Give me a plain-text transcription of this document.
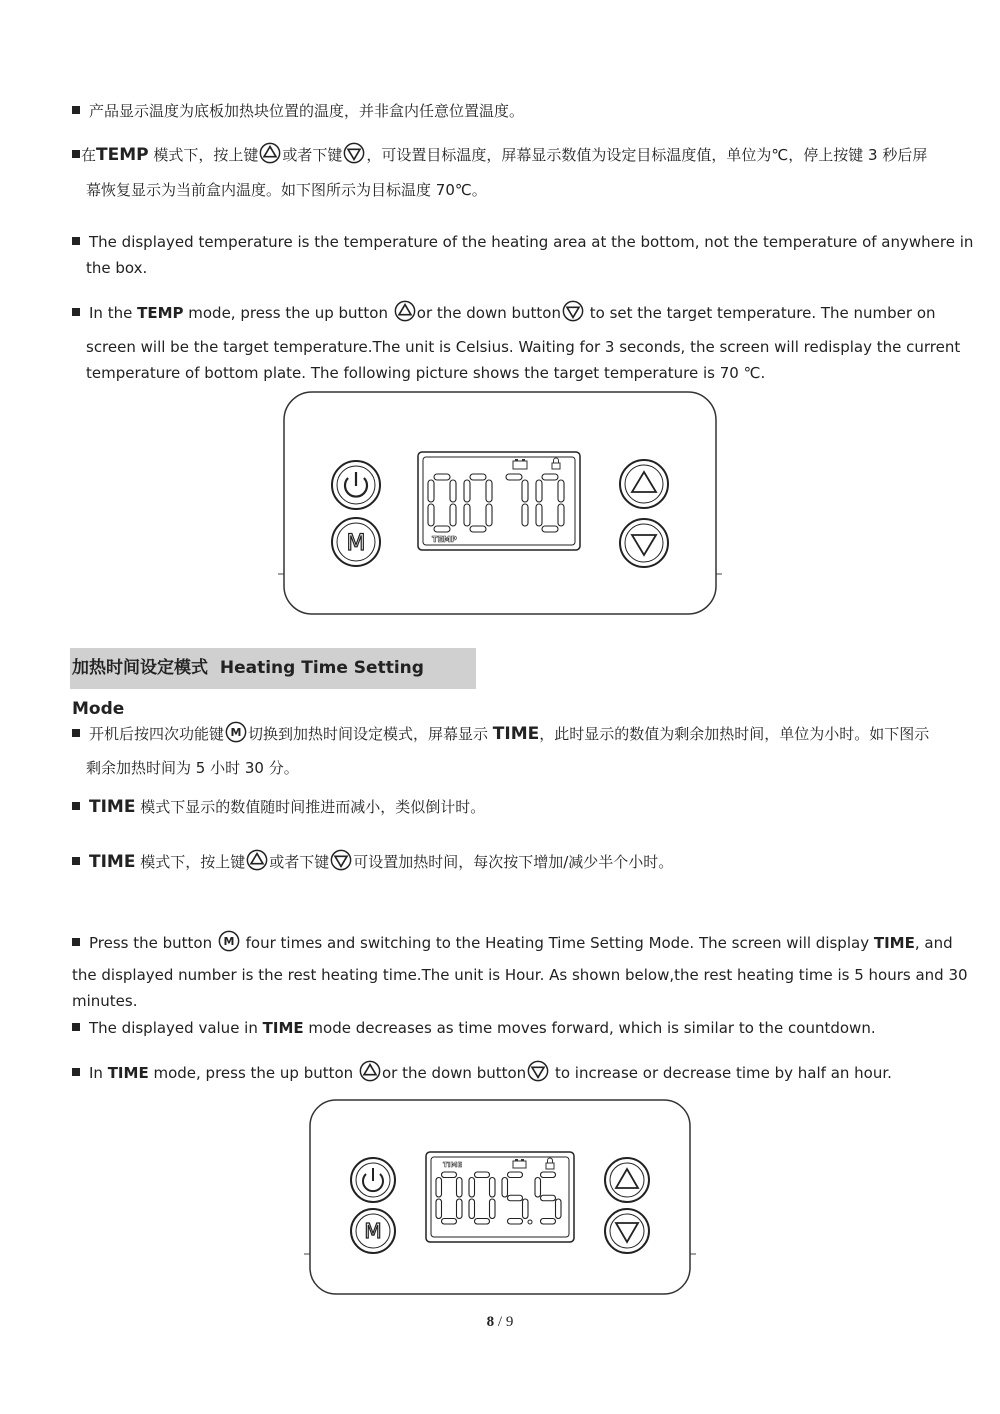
产品显示温度为底板加热块位置的温度，并非盒内任意位置温度。
在TEMP 模式下，按上键 或者下键 ，可设置目标温度，屏幕显示数值为设定目标温度值，单位为℃，停上按键 3 秒后屏
幕恢复显示为当前盒内温度。如下图所示为目标温度 70℃。
The displayed temperature is the temperature of the heating area at the bottom, not the temperature of anywhere in
the box.
In the TEMP mode, press the up button or the down button to set the target temperature. The number on
screen will be the target temperature.The unit is Celsius. Waiting for 3 seconds, the screen will redisplay the current
temperature of bottom plate. The following picture shows the target temperature is 70 ℃.
M	TEMP
加热时间设定模式 Heating Time Setting Mode
开机后按四次功能键 切换到加热时间设定模式，屏幕显示 TIME，此时显示的数值为剩余加热时间，单位为小时。如下图示
剩余加热时间为 5 小时 30 分。
TIME 模式下显示的数值随时间推进而减小，类似倒计时。
TIME 模式下，按上键 或者下键 可设置加热时间，每次按下增加/减少半个小时。
Press the button  four times and switching to the Heating Time Setting Mode. The screen will display TIME, and
the displayed number is the rest heating time.The unit is Hour. As shown below,the rest heating time is 5 hours and 30
minutes.
The displayed value in TIME mode decreases as time moves forward, which is similar to the countdown.
In TIME mode, press the up button or the down button to increase or decrease time by half an hour.
M
TIME
8 / 9
